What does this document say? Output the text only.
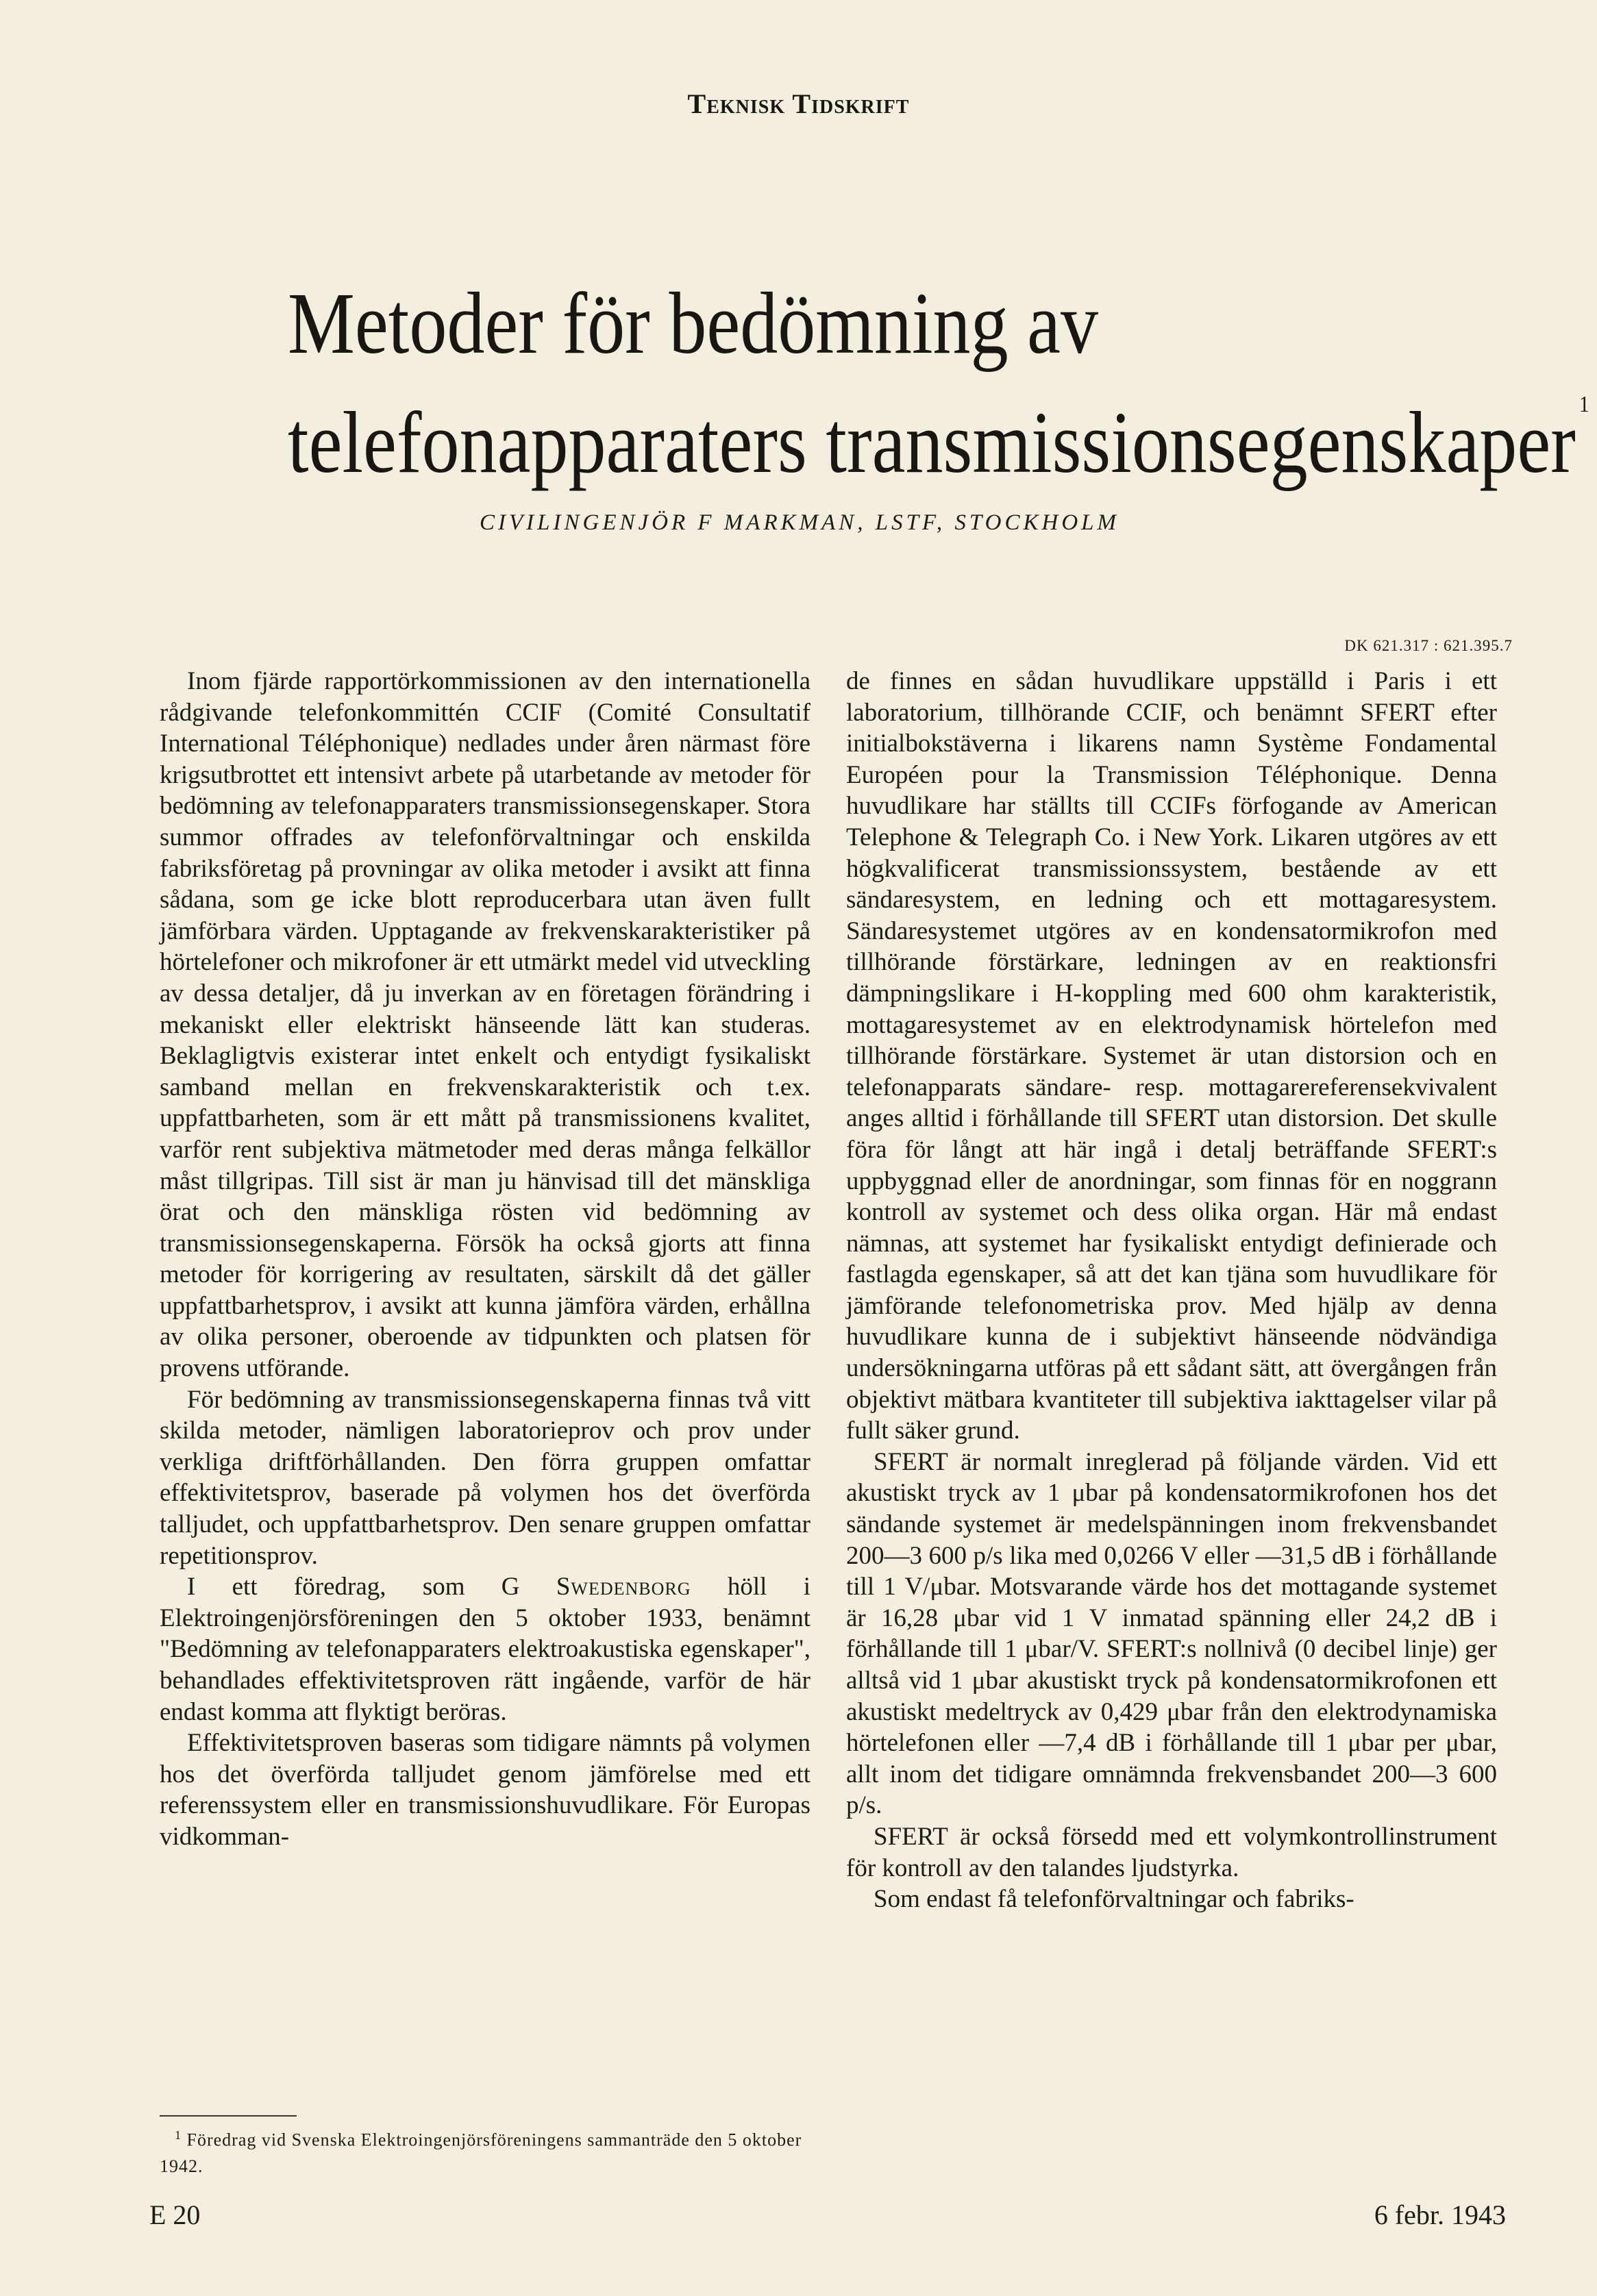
Teknisk Tidskrift
Metoder för bedömning av
telefonapparaters transmissionsegenskaper $^1$
CIVILINGENJÖR F MARKMAN, LSTF, STOCKHOLM
DK 621.317 : 621.395.7

Inom fjärde rapportörkommissionen av den internationella rådgivande telefonkommittén CCIF (Comité Consultatif International Téléphonique) nedlades under åren närmast före krigsutbrottet ett intensivt arbete på utarbetande av metoder för bedömning av telefonapparaters transmissionsegenskaper. Stora summor offrades av telefonförvaltningar och enskilda fabriksföretag på provningar av olika metoder i avsikt att finna sådana, som ge icke blott reproducerbara utan även fullt jämförbara värden. Upptagande av frekvenskarakteristiker på hörtelefoner och mikrofoner är ett utmärkt medel vid utveckling av dessa detaljer, då ju inverkan av en företagen förändring i mekaniskt eller elektriskt hänseende lätt kan studeras. Beklagligtvis existerar intet enkelt och entydigt fysikaliskt samband mellan en frekvenskarakteristik och t.ex. uppfattbarheten, som är ett mått på transmissionens kvalitet, varför rent subjektiva mätmetoder med deras många felkällor måst tillgripas. Till sist är man ju hänvisad till det mänskliga örat och den mänskliga rösten vid bedömning av transmissionsegenskaperna. Försök ha också gjorts att finna metoder för korrigering av resultaten, särskilt då det gäller uppfattbarhetsprov, i avsikt att kunna jämföra värden, erhållna av olika personer, oberoende av tidpunkten och platsen för provens utförande.

För bedömning av transmissionsegenskaperna finnas två vitt skilda metoder, nämligen laboratorieprov och prov under verkliga driftförhållanden. Den förra gruppen omfattar effektivitetsprov, baserade på volymen hos det överförda talljudet, och uppfattbarhetsprov. Den senare gruppen omfattar repetitionsprov.

I ett föredrag, som G Swedenborg höll i Elektroingenjörsföreningen den 5 oktober 1933, benämnt "Bedömning av telefonapparaters elektroakustiska egenskaper", behandlades effektivitetsproven rätt ingående, varför de här endast komma att flyktigt beröras.

Effektivitetsproven baseras som tidigare nämnts på volymen hos det överförda talljudet genom jämförelse med ett referenssystem eller en transmissionshuvudlikare. För Europas vidkomman-

de finnes en sådan huvudlikare uppställd i Paris i ett laboratorium, tillhörande CCIF, och benämnt SFERT efter initialbokstäverna i likarens namn Système Fondamental Européen pour la Transmission Téléphonique. Denna huvudlikare har ställts till CCIFs förfogande av American Telephone & Telegraph Co. i New York. Likaren utgöres av ett högkvalificerat transmissionssystem, bestående av ett sändaresystem, en ledning och ett mottagaresystem. Sändaresystemet utgöres av en kondensatormikrofon med tillhörande förstärkare, ledningen av en reaktionsfri dämpningslikare i H-koppling med 600 ohm karakteristik, mottagaresystemet av en elektrodynamisk hörtelefon med tillhörande förstärkare. Systemet är utan distorsion och en telefonapparats sändare- resp. mottagarereferensekvivalent anges alltid i förhållande till SFERT utan distorsion. Det skulle föra för långt att här ingå i detalj beträffande SFERT:s uppbyggnad eller de anordningar, som finnas för en noggrann kontroll av systemet och dess olika organ. Här må endast nämnas, att systemet har fysikaliskt entydigt definierade och fastlagda egenskaper, så att det kan tjäna som huvudlikare för jämförande telefonometriska prov. Med hjälp av denna huvudlikare kunna de i subjektivt hänseende nödvändiga undersökningarna utföras på ett sådant sätt, att övergången från objektivt mätbara kvantiteter till subjektiva iakttagelser vilar på fullt säker grund.

SFERT är normalt inreglerad på följande värden. Vid ett akustiskt tryck av 1 μbar på kondensatormikrofonen hos det sändande systemet är medelspänningen inom frekvensbandet 200—3 600 p/s lika med 0,0266 V eller —31,5 dB i förhållande till 1 V/μbar. Motsvarande värde hos det mottagande systemet är 16,28 μbar vid 1 V inmatad spänning eller 24,2 dB i förhållande till 1 μbar/V. SFERT:s nollnivå (0 decibel linje) ger alltså vid 1 μbar akustiskt tryck på kondensatormikrofonen ett akustiskt medeltryck av 0,429 μbar från den elektrodynamiska hörtelefonen eller —7,4 dB i förhållande till 1 μbar per μbar, allt inom det tidigare omnämnda frekvensbandet 200—3 600 p/s.

SFERT är också försedd med ett volymkontrollinstrument för kontroll av den talandes ljudstyrka.

Som endast få telefonförvaltningar och fabriks-

$^1$ Föredrag vid Svenska Elektroingenjörsföreningens sammanträde den 5 oktober 1942.
E 20	6 febr. 1943
